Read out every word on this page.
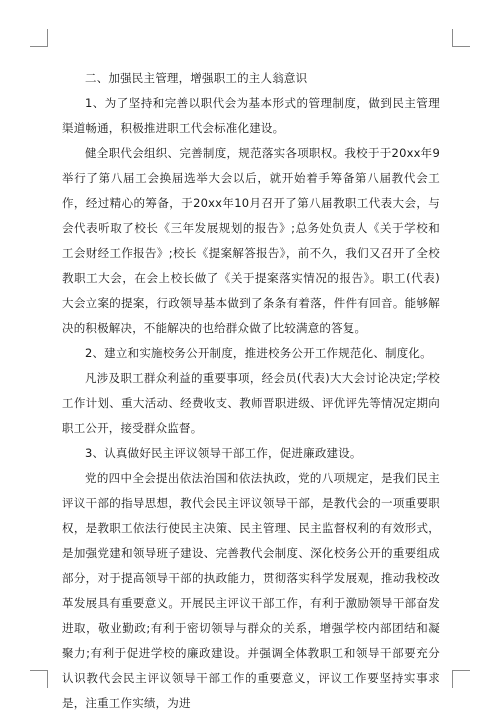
二、加强民主管理，增强职工的主人翁意识

1、为了坚持和完善以职代会为基本形式的管理制度，做到民主管理渠道畅通，积极推进职工代会标准化建设。

健全职代会组织、完善制度，规范落实各项职权。我校于于20xx年9举行了第八届工会换届选举大会以后，就开始着手筹备第八届教代会工作，经过精心的筹备，于20xx年10月召开了第八届教职工代表大会，与会代表听取了校长《三年发展规划的报告》;总务处负责人《关于学校和工会财经工作报告》;校长《提案解答报告》，前不久，我们又召开了全校教职工大会，在会上校长做了《关于提案落实情况的报告》。职工(代表)大会立案的提案，行政领导基本做到了条条有着落，件件有回音。能够解决的积极解决，不能解决的也给群众做了比较满意的答复。

2、建立和实施校务公开制度，推进校务公开工作规范化、制度化。

凡涉及职工群众利益的重要事项，经会员(代表)大大会讨论决定;学校工作计划、重大活动、经费收支、教师晋职进级、评优评先等情况定期向职工公开，接受群众监督。

3、认真做好民主评议领导干部工作，促进廉政建设。

党的四中全会提出依法治国和依法执政，党的八项规定，是我们民主评议干部的指导思想，教代会民主评议领导干部，是教代会的一项重要职权，是教职工依法行使民主决策、民主管理、民主监督权利的有效形式，是加强党建和领导班子建设、完善教代会制度、深化校务公开的重要组成部分，对于提高领导干部的执政能力，贯彻落实科学发展观，推动我校改革发展具有重要意义。开展民主评议干部工作，有利于激励领导干部奋发进取，敬业勤政;有利于密切领导与群众的关系，增强学校内部团结和凝聚力;有利于促进学校的廉政建设。并强调全体教职工和领导干部要充分认识教代会民主评议领导干部工作的重要意义，评议工作要坚持实事求是，注重工作实绩，为进
